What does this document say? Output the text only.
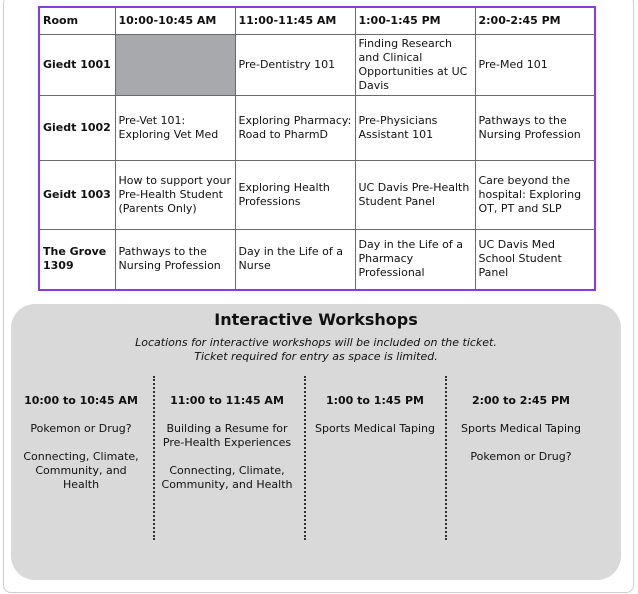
Room	10:00-10:45 AM	11:00-11:45 AM	1:00-1:45 PM	2:00-2:45 PM
Giedt 1001		Pre-Dentistry 101	Finding Research and Clinical Opportunities at UC Davis	Pre-Med 101
Giedt 1002	Pre-Vet 101: Exploring Vet Med	Exploring Pharmacy: Road to PharmD	Pre-Physicians Assistant 101	Pathways to the Nursing Profession
Geidt 1003	How to support your Pre-Health Student (Parents Only)	Exploring Health Professions	UC Davis Pre-Health Student Panel	Care beyond the hospital: Exploring OT, PT and SLP
The Grove 1309	Pathways to the Nursing Profession	Day in the Life of a Nurse	Day in the Life of a Pharmacy Professional	UC Davis Med School Student Panel
Interactive Workshops
Locations for interactive workshops will be included on the ticket.
Ticket required for entry as space is limited.
10:00 to 10:45 AM
Pokemon or Drug?
Connecting, Climate, Community, and Health
11:00 to 11:45 AM
Building a Resume for Pre-Health Experiences
Connecting, Climate, Community, and Health
1:00 to 1:45 PM
Sports Medical Taping
2:00 to 2:45 PM
Sports Medical Taping
Pokemon or Drug?
